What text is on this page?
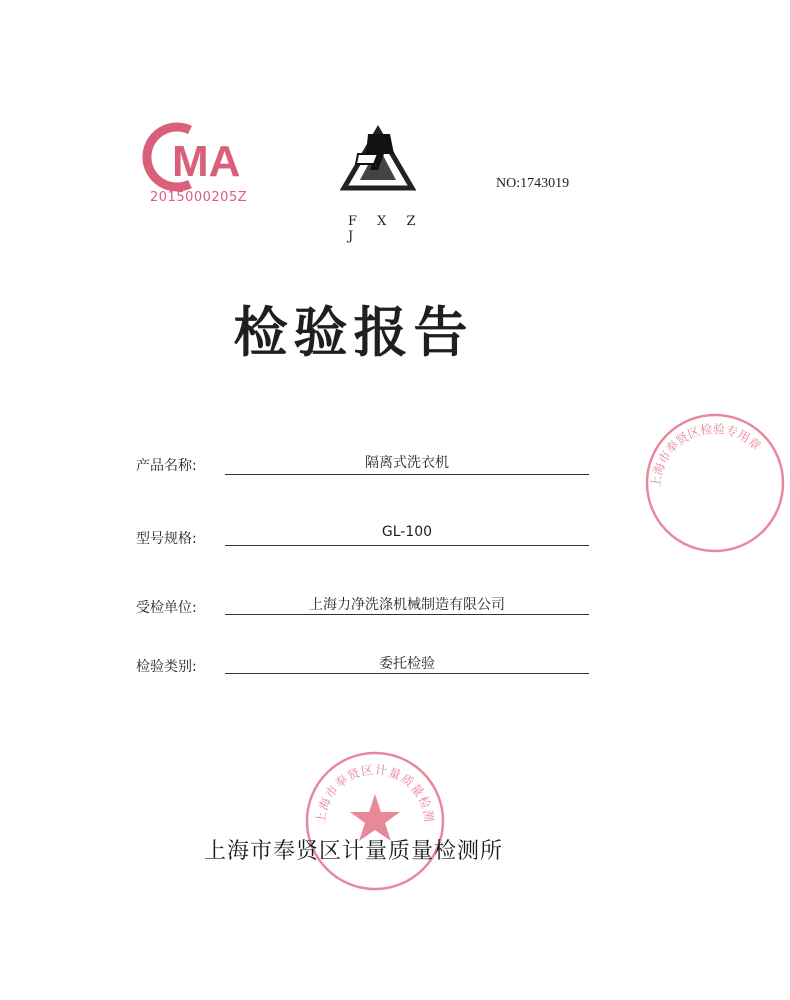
MA
2015000205Z
F X Z J
NO:1743019
检验报告
产品名称:	隔离式洗衣机
型号规格:	GL-100
受检单位:	上海力净洗涤机械制造有限公司
检验类别:	委托检验
上海市奉贤区计量质量检测
上海市奉贤区计量质量检测所
上海市奉贤区检验专用章
